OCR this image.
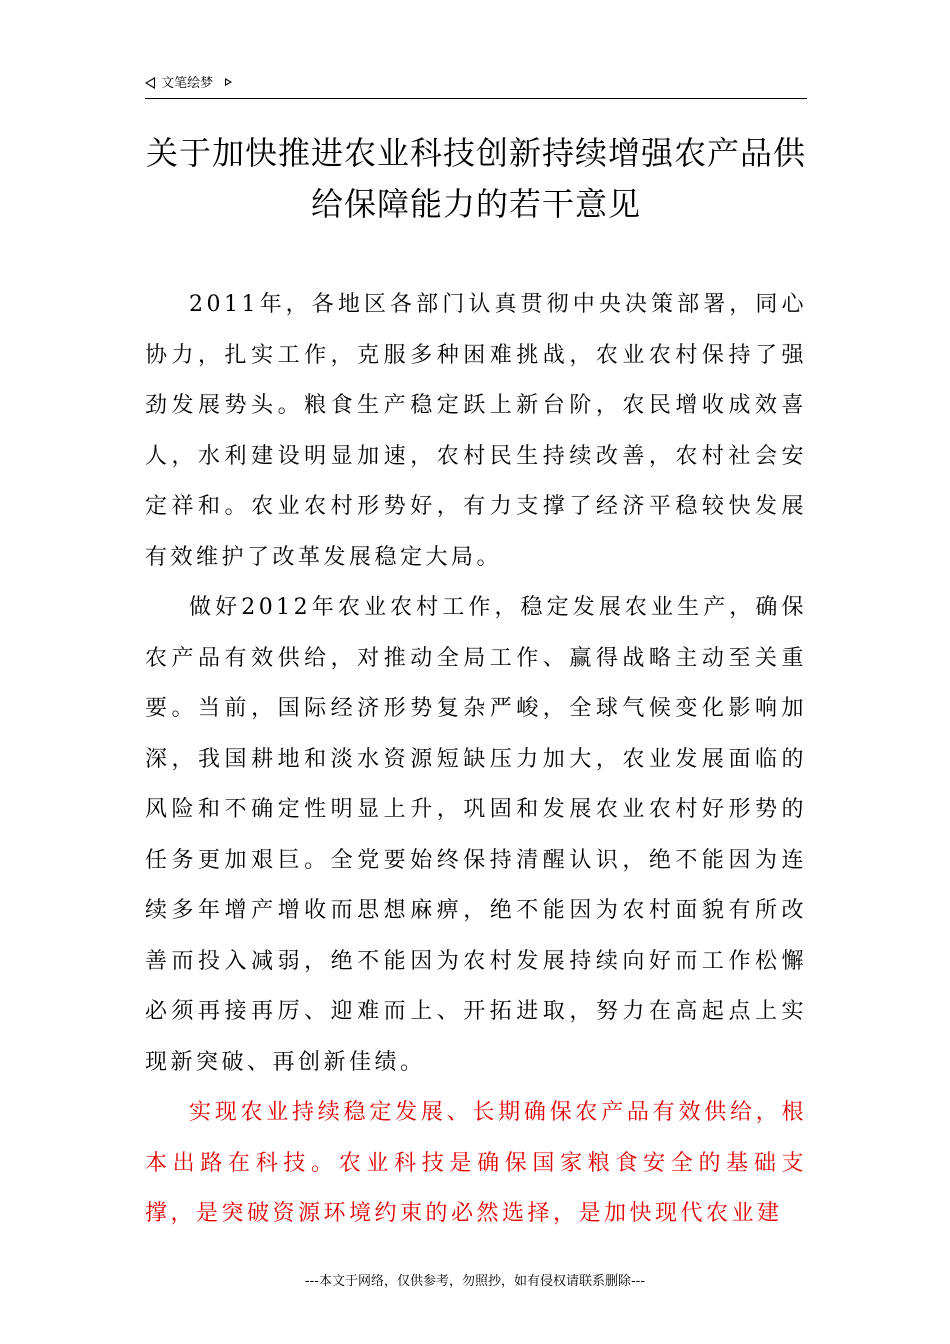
文笔绘梦
关于加快推进农业科技创新持续增强农产品供给保障能力的若干意见

2011年，各地区各部门认真贯彻中央决策部署，同心协力，扎实工作，克服多种困难挑战，农业农村保持了强劲发展势头。粮食生产稳定跃上新台阶，农民增收成效喜人，水利建设明显加速，农村民生持续改善，农村社会安定祥和。农业农村形势好，有力支撑了经济平稳较快发展有效维护了改革发展稳定大局。

做好2012年农业农村工作，稳定发展农业生产，确保农产品有效供给，对推动全局工作、赢得战略主动至关重要。当前，国际经济形势复杂严峻，全球气候变化影响加深，我国耕地和淡水资源短缺压力加大，农业发展面临的风险和不确定性明显上升，巩固和发展农业农村好形势的任务更加艰巨。全党要始终保持清醒认识，绝不能因为连续多年增产增收而思想麻痹，绝不能因为农村面貌有所改善而投入减弱，绝不能因为农村发展持续向好而工作松懈必须再接再厉、迎难而上、开拓进取，努力在高起点上实现新突破、再创新佳绩。

实现农业持续稳定发展、长期确保农产品有效供给，根本出路在科技。农业科技是确保国家粮食安全的基础支撑，是突破资源环境约束的必然选择，是加快现代农业建

---本文于网络，仅供参考，勿照抄，如有侵权请联系删除---
